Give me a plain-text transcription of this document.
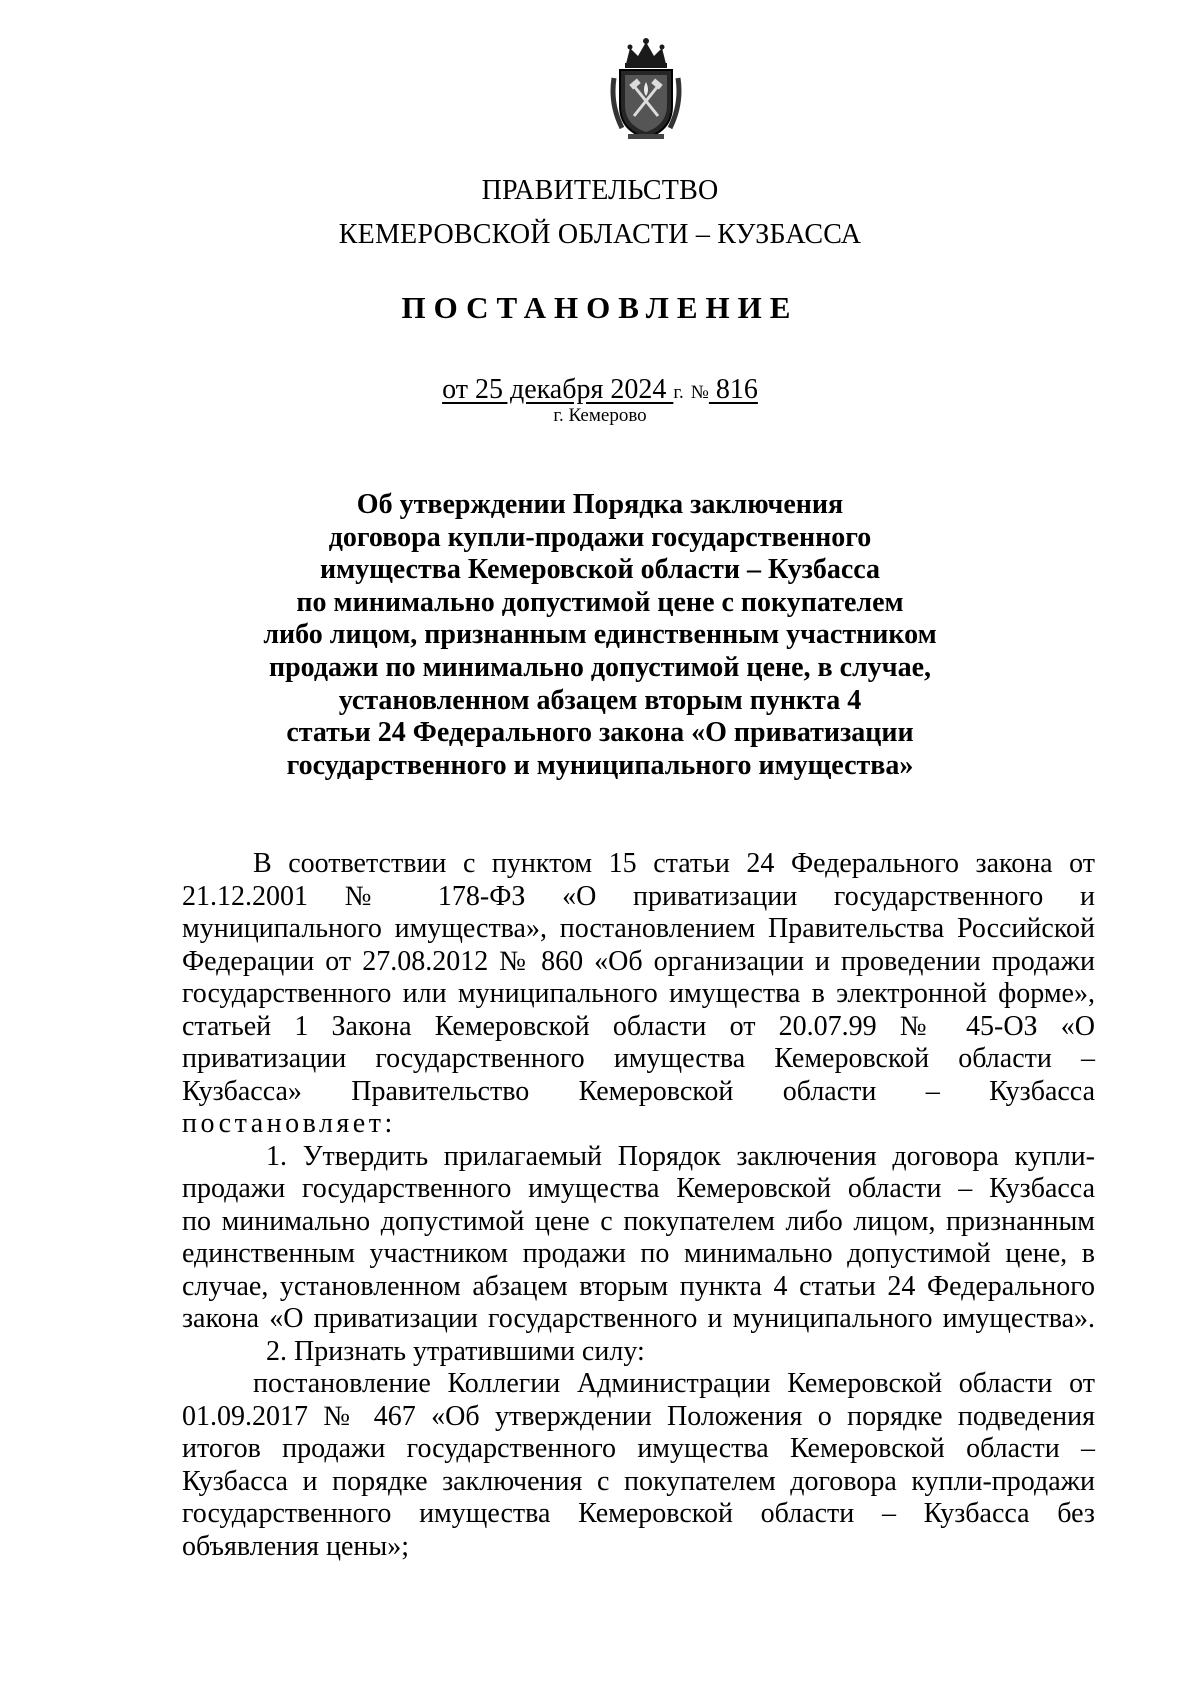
ПРАВИТЕЛЬСТВО
КЕМЕРОВСКОЙ ОБЛАСТИ – КУЗБАССА
ПОСТАНОВЛЕНИЕ
от 25 декабря 2024 г. № 816
г. Кемерово
Об утверждении Порядка заключения
договора купли-продажи государственного
имущества Кемеровской области – Кузбасса
по минимально допустимой цене с покупателем
либо лицом, признанным единственным участником
продажи по минимально допустимой цене, в случае,
установленном абзацем вторым пункта 4
статьи 24 Федерального закона «О приватизации
государственного и муниципального имущества»
В соответствии с пунктом 15 статьи 24 Федерального закона от
21.12.2001 № 178-ФЗ «О приватизации государственного и
муниципального имущества», постановлением Правительства Российской
Федерации от 27.08.2012 № 860 «Об организации и проведении продажи
государственного или муниципального имущества в электронной форме»,
статьей 1 Закона Кемеровской области от 20.07.99 № 45-ОЗ «О
приватизации государственного имущества Кемеровской области –
Кузбасса» Правительство Кемеровской области – Кузбасса
постановляет:
1. Утвердить прилагаемый Порядок заключения договора купли-
продажи государственного имущества Кемеровской области – Кузбасса
по минимально допустимой цене с покупателем либо лицом, признанным
единственным участником продажи по минимально допустимой цене, в
случае, установленном абзацем вторым пункта 4 статьи 24 Федерального
закона «О приватизации государственного и муниципального имущества».
2. Признать утратившими силу:
постановление Коллегии Администрации Кемеровской области от
01.09.2017 № 467 «Об утверждении Положения о порядке подведения
итогов продажи государственного имущества Кемеровской области –
Кузбасса и порядке заключения с покупателем договора купли-продажи
государственного имущества Кемеровской области – Кузбасса без
объявления цены»;
